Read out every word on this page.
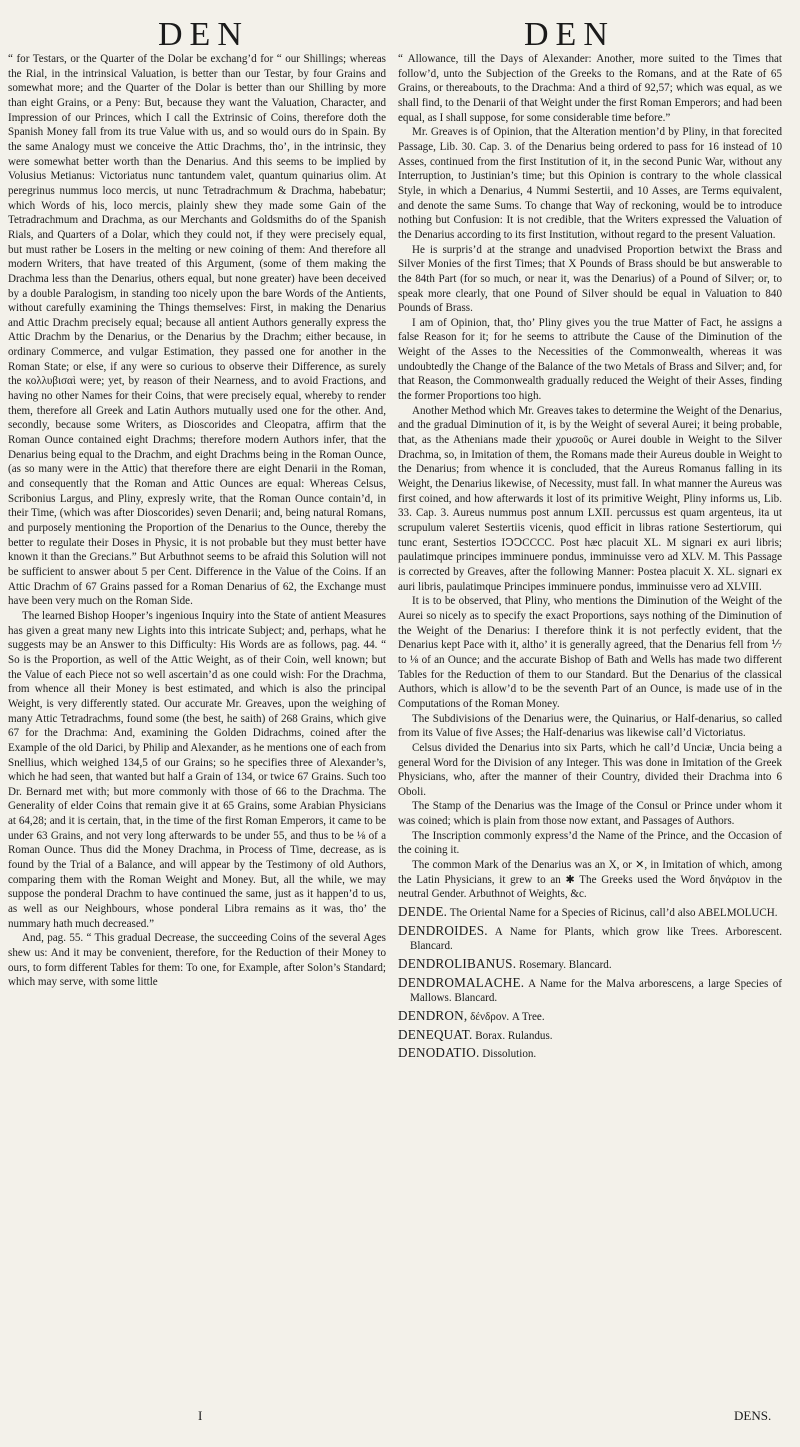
DEN	DEN

“ for Testars, or the Quarter of the Dolar be exchang’d for “ our Shillings; whereas the Rial, in the intrinsical Valuation, is better than our Testar, by four Grains and somewhat more; and the Quarter of the Dolar is better than our Shilling by more than eight Grains, or a Peny: But, because they want the Valuation, Character, and Impression of our Princes, which I call the Extrinsic of Coins, therefore doth the Spanish Money fall from its true Value with us, and so would ours do in Spain. By the same Analogy must we conceive the Attic Drachms, tho’, in the intrinsic, they were somewhat better worth than the Denarius. And this seems to be implied by Volusius Metianus: Victoriatus nunc tantundem valet, quantum quinarius olim. At peregrinus nummus loco mercis, ut nunc Tetradrachmum & Drachma, habebatur; which Words of his, loco mercis, plainly shew they made some Gain of the Tetradrachmum and Drachma, as our Merchants and Goldsmiths do of the Spanish Rials, and Quarters of a Dolar, which they could not, if they were precisely equal, but must rather be Losers in the melting or new coining of them: And therefore all modern Writers, that have treated of this Argument, (some of them making the Drachma less than the Denarius, others equal, but none greater) have been deceived by a double Paralogism, in standing too nicely upon the bare Words of the Antients, without carefully examining the Things themselves: First, in making the Denarius and Attic Drachm precisely equal; because all antient Authors generally express the Attic Drachm by the Denarius, or the Denarius by the Drachm; either because, in ordinary Commerce, and vulgar Estimation, they passed one for another in the Roman State; or else, if any were so curious to observe their Difference, as surely the κολλυβισαὶ were; yet, by reason of their Nearness, and to avoid Fractions, and having no other Names for their Coins, that were precisely equal, whereby to render them, therefore all Greek and Latin Authors mutually used one for the other. And, secondly, because some Writers, as Dioscorides and Cleopatra, affirm that the Roman Ounce contained eight Drachms; therefore modern Authors infer, that the Denarius being equal to the Drachm, and eight Drachms being in the Roman Ounce, (as so many were in the Attic) that therefore there are eight Denarii in the Roman, and consequently that the Roman and Attic Ounces are equal: Whereas Celsus, Scribonius Largus, and Pliny, expresly write, that the Roman Ounce contain’d, in their Time, (which was after Dioscorides) seven Denarii; and, being natural Romans, and purposely mentioning the Proportion of the Denarius to the Ounce, thereby the better to regulate their Doses in Physic, it is not probable but they must better have known it than the Grecians.” But Arbuthnot seems to be afraid this Solution will not be sufficient to answer about 5 per Cent. Difference in the Value of the Coins. If an Attic Drachm of 67 Grains passed for a Roman Denarius of 62, the Exchange must have been very much on the Roman Side.

The learned Bishop Hooper’s ingenious Inquiry into the State of antient Measures has given a great many new Lights into this intricate Subject; and, perhaps, what he suggests may be an Answer to this Difficulty: His Words are as follows, pag. 44. “ So is the Proportion, as well of the Attic Weight, as of their Coin, well known; but the Value of each Piece not so well ascertain’d as one could wish: For the Drachma, from whence all their Money is best estimated, and which is also the principal Weight, is very differently stated. Our accurate Mr. Greaves, upon the weighing of many Attic Tetradrachms, found some (the best, he saith) of 268 Grains, which give 67 for the Drachma: And, examining the Golden Didrachms, coined after the Example of the old Darici, by Philip and Alexander, as he mentions one of each from Snellius, which weighed 134,5 of our Grains; so he specifies three of Alexander’s, which he had seen, that wanted but half a Grain of 134, or twice 67 Grains. Such too Dr. Bernard met with; but more commonly with those of 66 to the Drachma. The Generality of elder Coins that remain give it at 65 Grains, some Arabian Physicians at 64,28; and it is certain, that, in the time of the first Roman Emperors, it came to be under 63 Grains, and not very long afterwards to be under 55, and thus to be ⅛ of a Roman Ounce. Thus did the Money Drachma, in Process of Time, decrease, as is found by the Trial of a Balance, and will appear by the Testimony of old Authors, comparing them with the Roman Weight and Money. But, all the while, we may suppose the ponderal Drachm to have continued the same, just as it happen’d to us, as well as our Neighbours, whose ponderal Libra remains as it was, tho’ the nummary hath much decreased.”

And, pag. 55. “ This gradual Decrease, the succeeding Coins of the several Ages shew us: And it may be convenient, therefore, for the Reduction of their Money to ours, to form different Tables for them: To one, for Example, after Solon’s Standard; which may serve, with some little

“ Allowance, till the Days of Alexander: Another, more suited to the Times that follow’d, unto the Subjection of the Greeks to the Romans, and at the Rate of 65 Grains, or thereabouts, to the Drachma: And a third of 92,57; which was equal, as we shall find, to the Denarii of that Weight under the first Roman Emperors; and had been equal, as I shall suppose, for some considerable time before.”

Mr. Greaves is of Opinion, that the Alteration mention’d by Pliny, in that forecited Passage, Lib. 30. Cap. 3. of the Denarius being ordered to pass for 16 instead of 10 Asses, continued from the first Institution of it, in the second Punic War, without any Interruption, to Justinian’s time; but this Opinion is contrary to the whole classical Style, in which a Denarius, 4 Nummi Sestertii, and 10 Asses, are Terms equivalent, and denote the same Sums. To change that Way of reckoning, would be to introduce nothing but Confusion: It is not credible, that the Writers expressed the Valuation of the Denarius according to its first Institution, without regard to the present Valuation.

He is surpris’d at the strange and unadvised Proportion betwixt the Brass and Silver Monies of the first Times; that X Pounds of Brass should be but answerable to the 84th Part (for so much, or near it, was the Denarius) of a Pound of Silver; or, to speak more clearly, that one Pound of Silver should be equal in Valuation to 840 Pounds of Brass.

I am of Opinion, that, tho’ Pliny gives you the true Matter of Fact, he assigns a false Reason for it; for he seems to attribute the Cause of the Diminution of the Weight of the Asses to the Necessities of the Commonwealth, whereas it was undoubtedly the Change of the Balance of the two Metals of Brass and Silver; and, for that Reason, the Commonwealth gradually reduced the Weight of their Asses, finding the former Proportions too high.

Another Method which Mr. Greaves takes to determine the Weight of the Denarius, and the gradual Diminution of it, is by the Weight of several Aurei; it being probable, that, as the Athenians made their χρυσοῦς or Aurei double in Weight to the Silver Drachma, so, in Imitation of them, the Romans made their Aureus double in Weight to the Denarius; from whence it is concluded, that the Aureus Romanus falling in its Weight, the Denarius likewise, of Necessity, must fall. In what manner the Aureus was first coined, and how afterwards it lost of its primitive Weight, Pliny informs us, Lib. 33. Cap. 3. Aureus nummus post annum LXII. percussus est quam argenteus, ita ut scrupulum valeret Sestertiis vicenis, quod efficit in libras ratione Sestertiorum, qui tunc erant, Sestertios IↃↃCCCC. Post hæc placuit XL. M signari ex auri libris; paulatimque principes imminuere pondus, imminuisse vero ad XLV. M. This Passage is corrected by Greaves, after the following Manner: Postea placuit X. XL. signari ex auri libris, paulatimque Principes imminuere pondus, imminuisse vero ad XLVIII.

It is to be observed, that Pliny, who mentions the Diminution of the Weight of the Aurei so nicely as to specify the exact Proportions, says nothing of the Diminution of the Weight of the Denarius: I therefore think it is not perfectly evident, that the Denarius kept Pace with it, altho’ it is generally agreed, that the Denarius fell from ⅐ to ⅛ of an Ounce; and the accurate Bishop of Bath and Wells has made two different Tables for the Reduction of them to our Standard. But the Denarius of the classical Authors, which is allow’d to be the seventh Part of an Ounce, is made use of in the Computations of the Roman Money.

The Subdivisions of the Denarius were, the Quinarius, or Half-denarius, so called from its Value of five Asses; the Half-denarius was likewise call’d Victoriatus.

Celsus divided the Denarius into six Parts, which he call’d Unciæ, Uncia being a general Word for the Division of any Integer. This was done in Imitation of the Greek Physicians, who, after the manner of their Country, divided their Drachma into 6 Oboli.

The Stamp of the Denarius was the Image of the Consul or Prince under whom it was coined; which is plain from those now extant, and Passages of Authors.

The Inscription commonly express’d the Name of the Prince, and the Occasion of the coining it.

The common Mark of the Denarius was an X, or ✕, in Imitation of which, among the Latin Physicians, it grew to an ✱ The Greeks used the Word δηνάριον in the neutral Gender. Arbuthnot of Weights, &c.

DENDE. The Oriental Name for a Species of Ricinus, call’d also ABELMOLUCH.

DENDROIDES. A Name for Plants, which grow like Trees. Arborescent. Blancard.

DENDROLIBANUS. Rosemary. Blancard.

DENDROMALACHE. A Name for the Malva arborescens, a large Species of Mallows. Blancard.

DENDRON, δένδρον. A Tree.

DENEQUAT. Borax. Rulandus.

DENODATIO. Dissolution.

I	DENS.
